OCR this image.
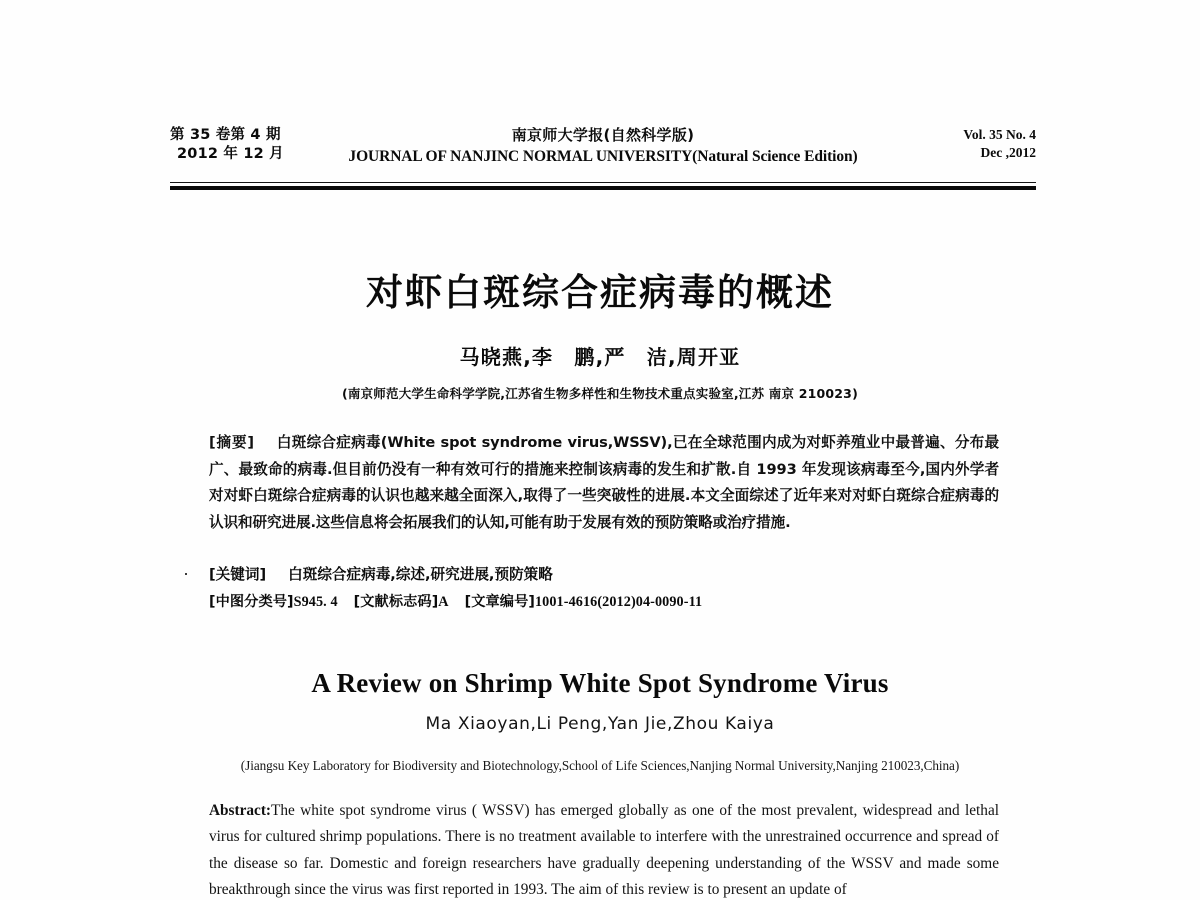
第 35 卷第 4 期
2012 年 12 月
南京师大学报(自然科学版)
JOURNAL OF NANJINC NORMAL UNIVERSITY(Natural Science Edition)
Vol. 35 No. 4
Dec ,2012
对虾白斑综合症病毒的概述
马晓燕,李　鹏,严　洁,周开亚
(南京师范大学生命科学学院,江苏省生物多样性和生物技术重点实验室,江苏 南京 210023)

[摘要] 白斑综合症病毒(White spot syndrome virus,WSSV),已在全球范围内成为对虾养殖业中最普遍、分布最广、最致命的病毒.但目前仍没有一种有效可行的措施来控制该病毒的发生和扩散.自 1993 年发现该病毒至今,国内外学者对对虾白斑综合症病毒的认识也越来越全面深入,取得了一些突破性的进展.本文全面综述了近年来对对虾白斑综合症病毒的认识和研究进展.这些信息将会拓展我们的认知,可能有助于发展有效的预防策略或治疗措施.

[关键词] 白斑综合症病毒,综述,研究进展,预防策略
[中图分类号]S945. 4 [文献标志码]A [文章编号]1001-4616(2012)04-0090-11
A Review on Shrimp White Spot Syndrome Virus
Ma Xiaoyan,Li Peng,Yan Jie,Zhou Kaiya
(Jiangsu Key Laboratory for Biodiversity and Biotechnology,School of Life Sciences,Nanjing Normal University,Nanjing 210023,China)

Abstract:The white spot syndrome virus ( WSSV) has emerged globally as one of the most prevalent, widespread and lethal virus for cultured shrimp populations. There is no treatment available to interfere with the unrestrained occurrence and spread of the disease so far. Domestic and foreign researchers have gradually deepening understanding of the WSSV and made some breakthrough since the virus was first reported in 1993. The aim of this review is to present an update of
